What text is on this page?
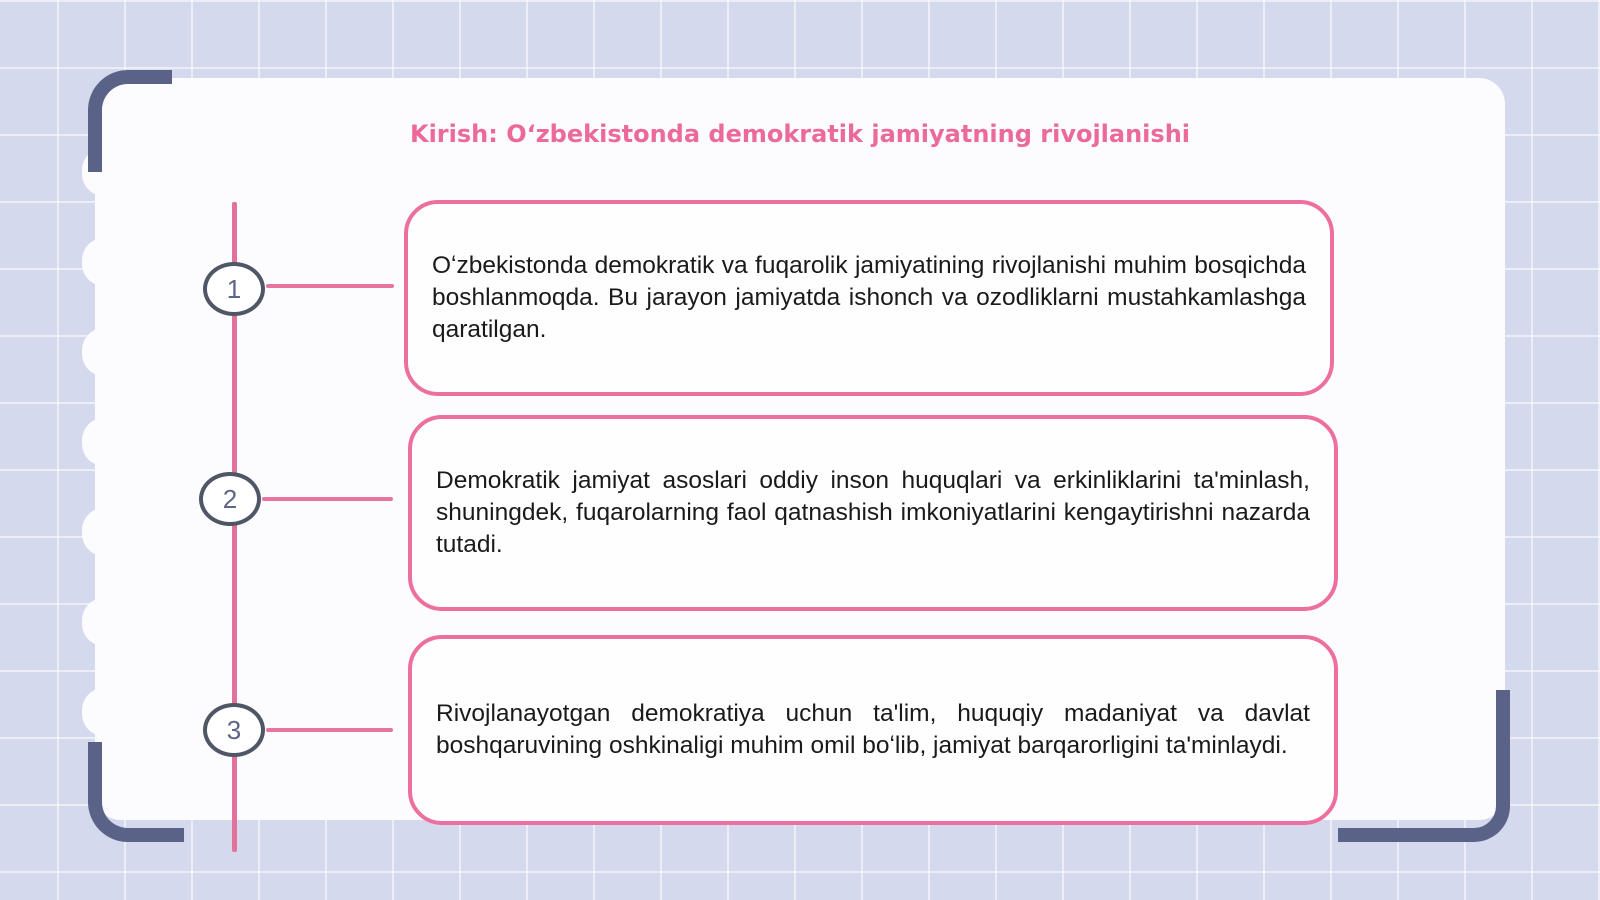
Kirish: Oʻzbekistonda demokratik jamiyatning rivojlanishi
1

Oʻzbekistonda demokratik va fuqarolik jamiyatining rivojlanishi muhim bosqichda boshlanmoqda. Bu jarayon jamiyatda ishonch va ozodliklarni mustahkamlashga qaratilgan.

2

Demokratik jamiyat asoslari oddiy inson huquqlari va erkinliklarini ta'minlash, shuningdek, fuqarolarning faol qatnashish imkoniyatlarini kengaytirishni nazarda tutadi.

3

Rivojlanayotgan demokratiya uchun ta'lim, huquqiy madaniyat va davlat boshqaruvining oshkinaligi muhim omil boʻlib, jamiyat barqarorligini ta'minlaydi.
